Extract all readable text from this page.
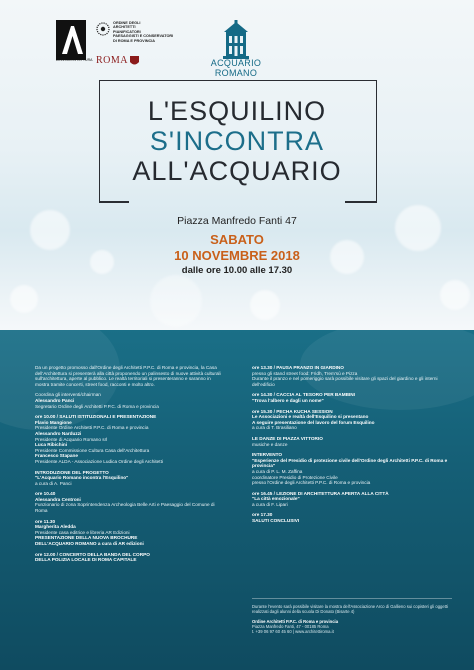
CASA DELL'ARCHITETTURA
ORDINE DEGLI
ARCHITETTI
PIANIFICATORI
PAESAGGISTI E CONSERVATORI
DI ROMA E PROVINCIA
ROMA	ACQUARIO
ROMANO
L'ESQUILINO
S'INCONTRA
ALL'ACQUARIO
Piazza Manfredo Fanti 47
SABATO
10 NOVEMBRE 2018
dalle ore 10.00 alle 17.30
Da un progetto promosso dall'Ordine degli Architetti P.P.C. di Roma e provincia, la Casa dell'Architettura si presenterà alla città proponendo un palinsesto di nuove attività culturali sull'architettura, aperte al pubblico. Le realtà territoriali si presenteranno e saranno in mostra tramite concerti, street food, racconti e molto altro.
Coordina gli interventi/chairman
Alessandro Panci
Segretario Ordine degli Architetti P.P.C. di Roma e provincia
ore 10.00 / SALUTI ISTITUZIONALI E PRESENTAZIONE
Flavio Mangione
Presidente Ordine Architetti P.P.C. di Roma e provincia
Alessandro Narduzzi
Presidente di Acquario Romano srl
Luca Ribichini
Presidente Commissione Cultura Casa dell'Architettura
Francesco Stapane
Presidente ALDA - Associazione Ludica Ordine degli Architetti
INTRODUZIONE DEL PROGETTO
"L'Acquario Romano incontra l'Esquilino"
a cura di A. Panci
ore 10.40
Alessandra Centroni
Funzionario di zona Soprintendenza Archeologia Belle Arti e Paesaggio del Comune di Roma
ore 11.30
Margherita Aledda
Presidente casa editrice e libreria AR Edizioni
PRESENTAZIONE DELLA NUOVA BROCHURE
DELL'ACQUARIO ROMANO a cura di AR edizioni
ore 12.00 / CONCERTO DELLA BANDA DEL CORPO
DELLA POLIZIA LOCALE DI ROMA CAPITALE
ore 13.30 / PAUSA PRANZO IN GIARDINO
presso gli stand street food: Fridh, Trem'sù e Pizza
Durante il pranzo e nel pomeriggio sarà possibile visitare gli spazi del giardino e gli interni dell'edificio
ore 14.30 / CACCIA AL TESORO PER BAMBINI
"Trova l'albero e dagli un nome"
ore 15.30 / PECHA KUCHA SESSION
Le Associazioni e realtà dell'Esquilino si presentano
A seguire presentazione del lavoro del forum Esquilino
a cura di T. Brasiliano
LE DANZE DI PIAZZA VITTORIO
musiche e danze
INTERVENTO
"Esperienze del Presidio di protezione civile dell'Ordine degli Architetti P.P.C. di Roma e provincia"
a cura di P. L. M. Zaffina
coordinatore Presidio di Protezione Civile
presso l'Ordine degli Architetti P.P.C. di Roma e provincia
ore 16.45 / LEZIONE DI ARCHITETTURA APERTA ALLA CITTÀ
"La città emozionale"
a cura di F. Lipari
ore 17.30
SALUTI CONCLUSIVI
Durante l'evento sarà possibile visitare la mostra dell'Associazione Arco di Gallieno sui copisteri gli oggetti realizzati dagli alunni della scuola Di Donato (Bisarte 4)
Ordine Architetti P.P.C. di Roma e provincia
Piazza Manfredo Fanti, 47 - 00185 Roma
t. +39 06 97 60 45 60 | www.architettiroma.it
